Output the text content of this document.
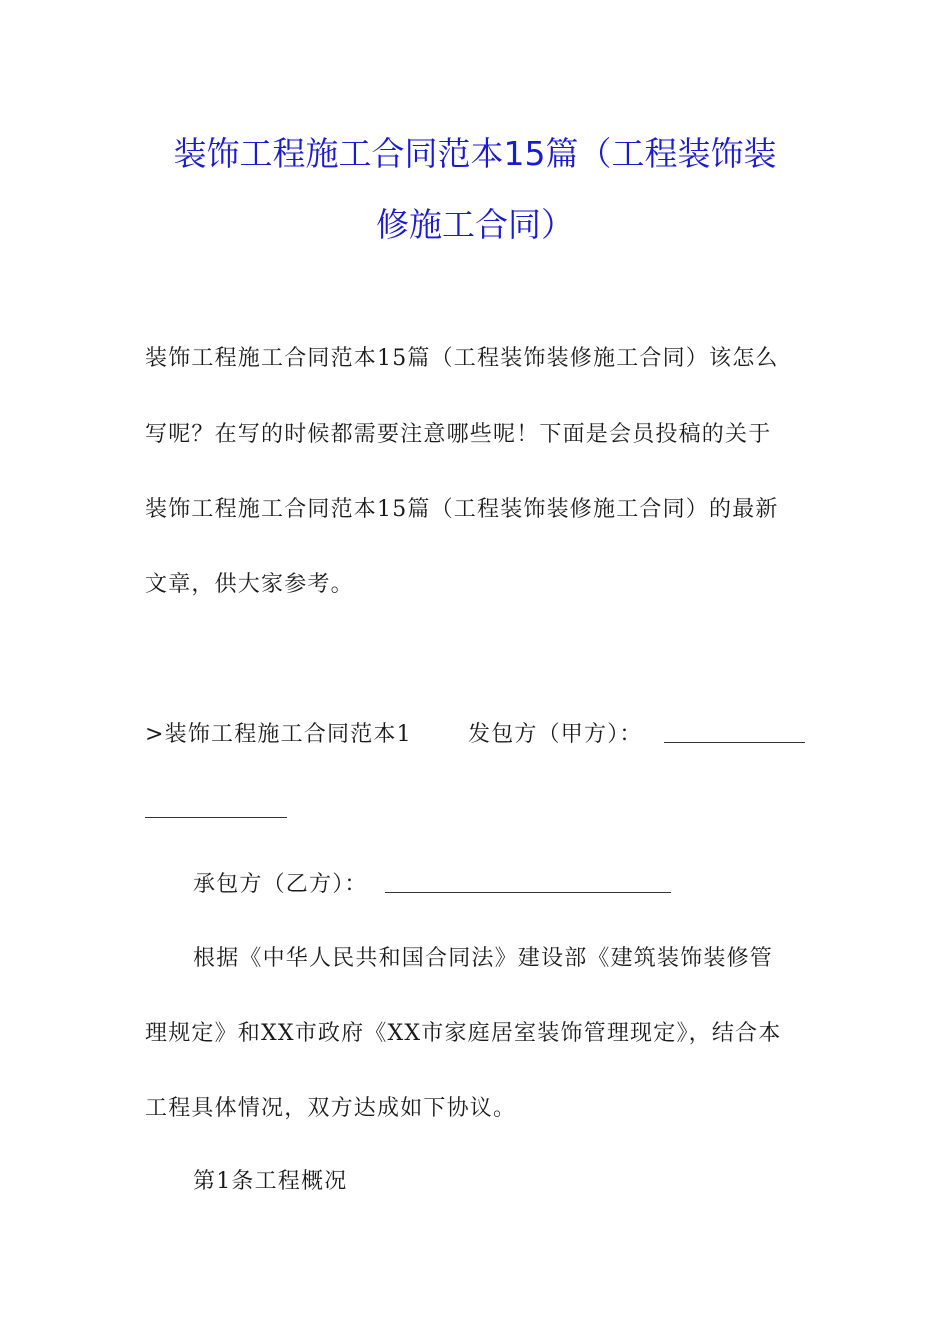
装饰工程施工合同范本15篇（工程装饰装
修施工合同）
装饰工程施工合同范本15篇（工程装饰装修施工合同）该怎么
写呢？在写的时候都需要注意哪些呢！下面是会员投稿的关于
装饰工程施工合同范本15篇（工程装饰装修施工合同）的最新
文章，供大家参考。
>装饰工程施工合同范本1	发包方（甲方）：
承包方（乙方）：
根据《中华人民共和国合同法》建设部《建筑装饰装修管
理规定》和XX市政府《XX市家庭居室装饰管理现定》，结合本
工程具体情况，双方达成如下协议。
第1条工程概况
